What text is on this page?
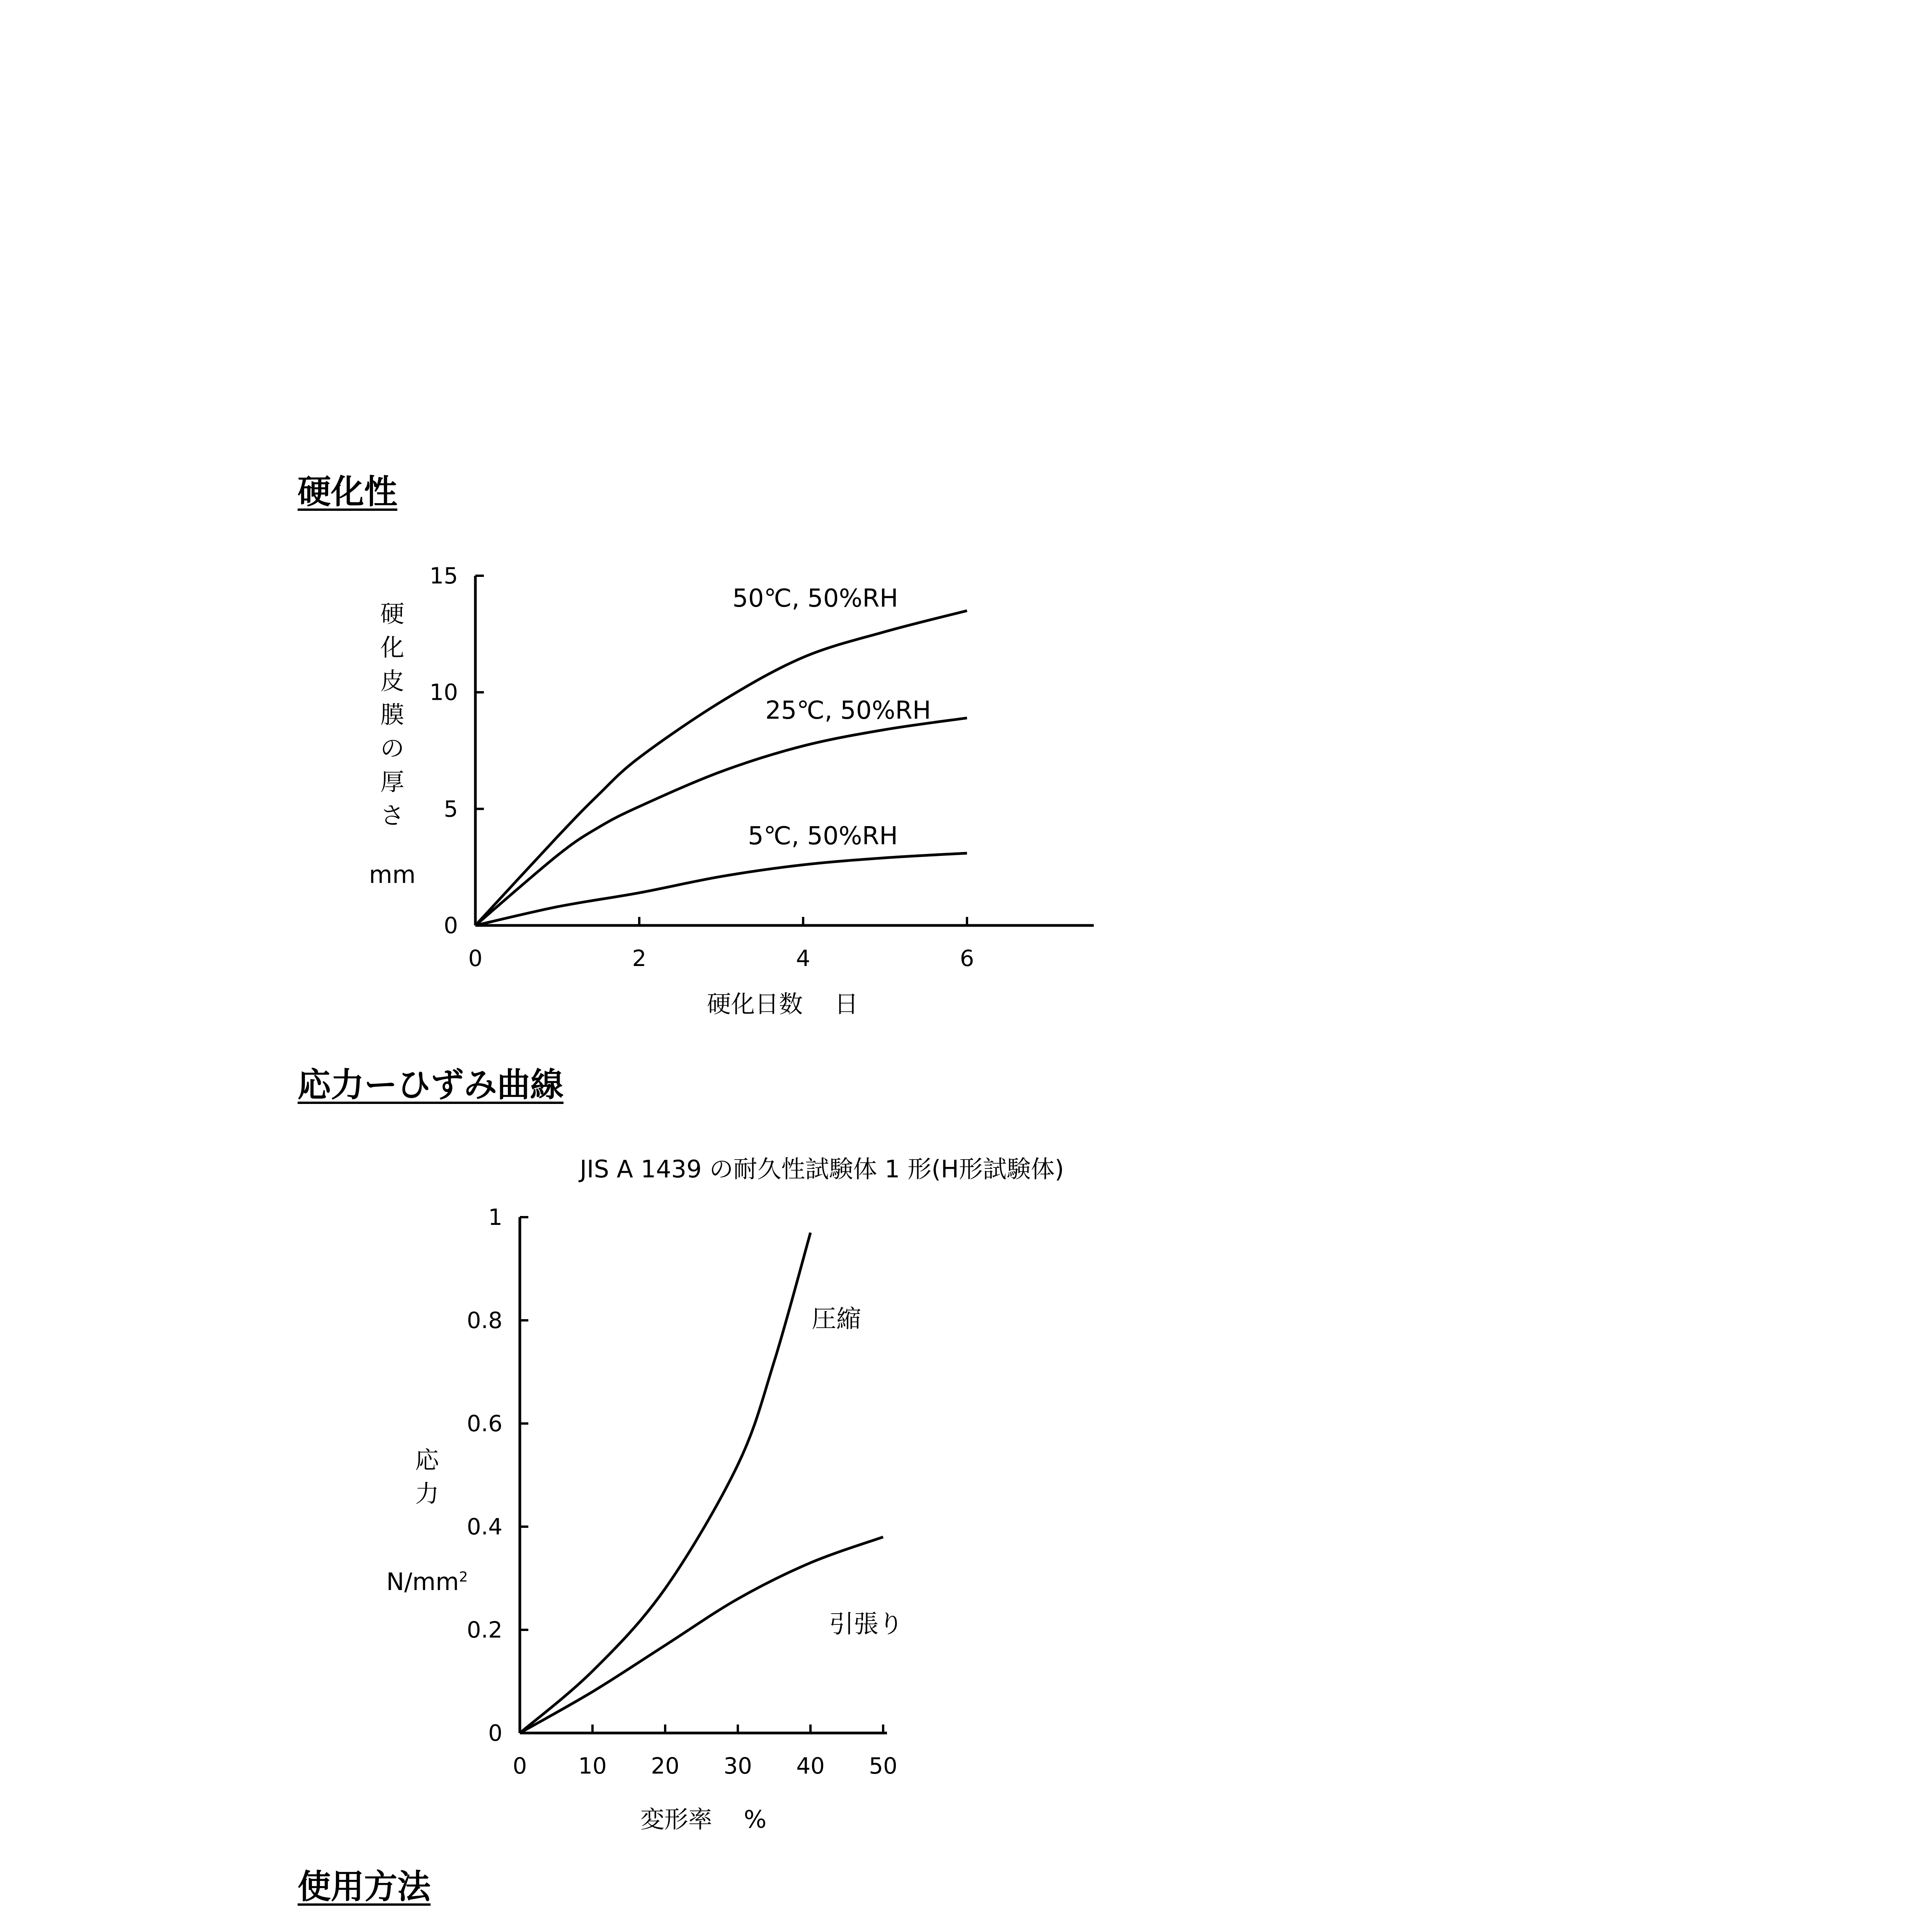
硬化性
0
5
10
15
0	2	4	6
硬化日数　 日
硬
化
皮
膜
の
厚
さ
mm
50℃, 50%RH
25℃, 50%RH
5℃, 50%RH
応力ーひずみ曲線
JIS A 1439 の耐久性試験体 1 形(H形試験体)
0
0.2
0.4
0.6
0.8
1
0 10 20 30 40 50
変形率　 %
応
力
$N/mm^2$
圧縮
引張り
使用方法
